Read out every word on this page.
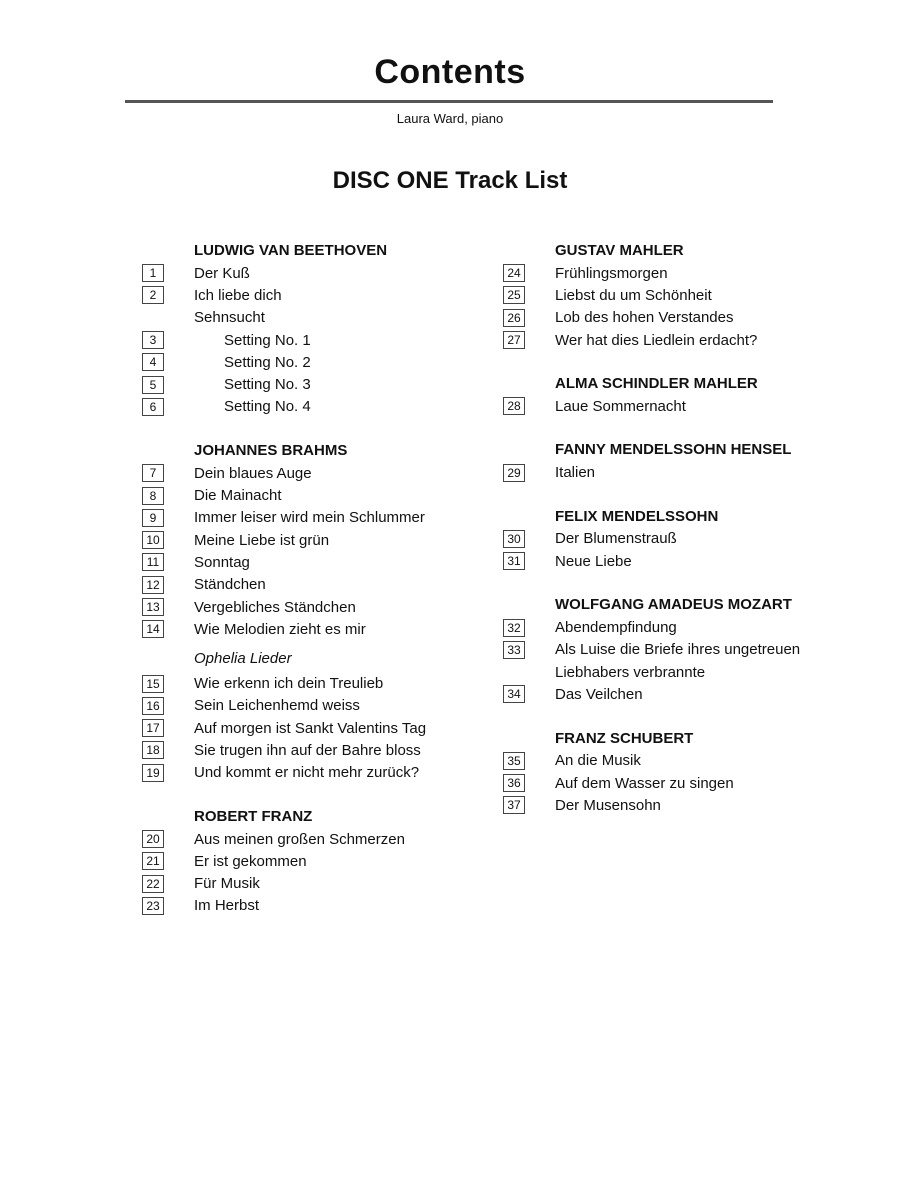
Contents
Laura Ward, piano
DISC ONE Track List
LUDWIG VAN BEETHOVEN
1	Der Kuß
2	Ich liebe dich
Sehnsucht
3	Setting No. 1
4	Setting No. 2
5	Setting No. 3
6	Setting No. 4
JOHANNES BRAHMS
7	Dein blaues Auge
8	Die Mainacht
9	Immer leiser wird mein Schlummer
10 Meine Liebe ist grün
11	Sonntag
12 Ständchen
13 Vergebliches Ständchen
14 Wie Melodien zieht es mir
Ophelia Lieder
15 Wie erkenn ich dein Treulieb
16 Sein Leichenhemd weiss
17 Auf morgen ist Sankt Valentins Tag
18 Sie trugen ihn auf der Bahre bloss
19 Und kommt er nicht mehr zurück?
ROBERT FRANZ
20 Aus meinen großen Schmerzen
21 Er ist gekommen
22 Für Musik
23 Im Herbst
GUSTAV MAHLER
24 Frühlingsmorgen
25 Liebst du um Schönheit
26 Lob des hohen Verstandes
27 Wer hat dies Liedlein erdacht?
ALMA SCHINDLER MAHLER
28 Laue Sommernacht
FANNY MENDELSSOHN HENSEL
29 Italien
FELIX MENDELSSOHN
30 Der Blumenstrauß
31 Neue Liebe
WOLFGANG AMADEUS MOZART
32 Abendempfindung
33 Als Luise die Briefe ihres ungetreuen
Liebhabers verbrannte
34 Das Veilchen
FRANZ SCHUBERT
35 An die Musik
36 Auf dem Wasser zu singen
37 Der Musensohn
